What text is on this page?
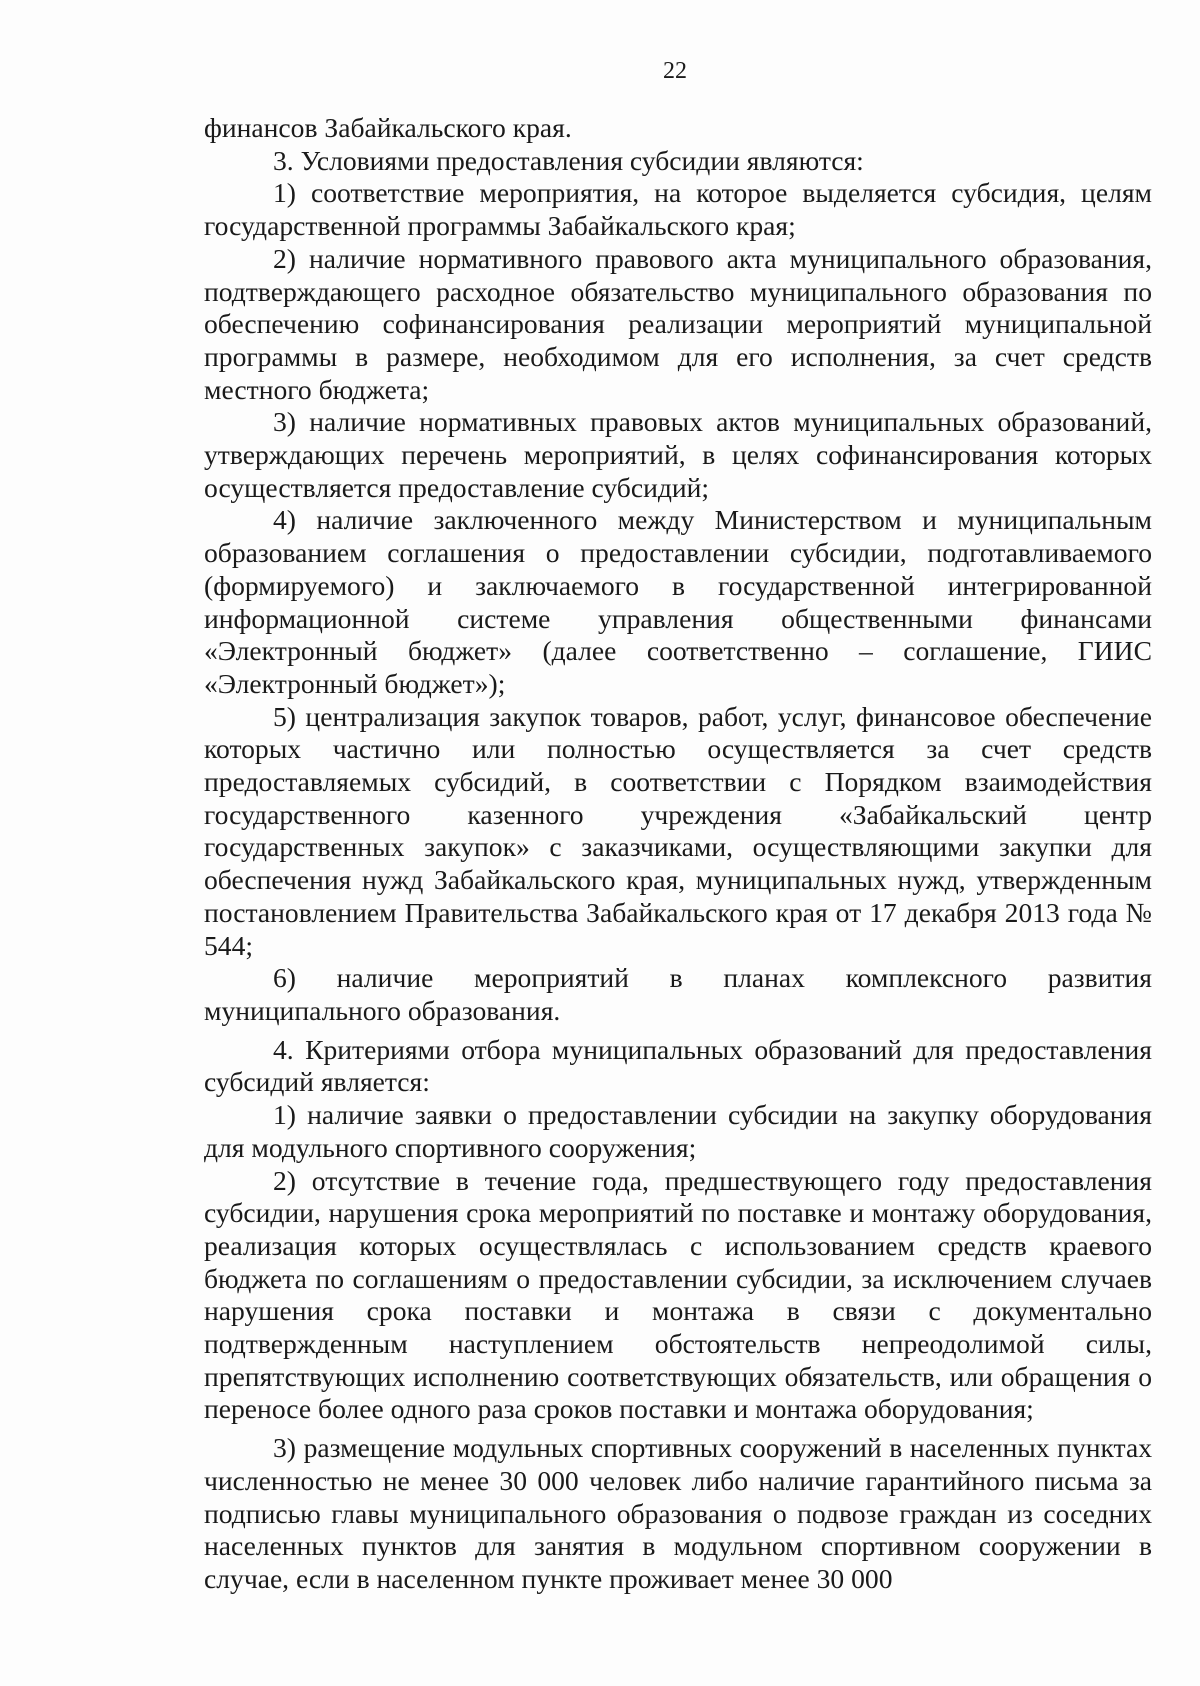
22

финансов Забайкальского края.

3. Условиями предоставления субсидии являются:

1) соответствие мероприятия, на которое выделяется субсидия, целям государственной программы Забайкальского края;

2) наличие нормативного правового акта муниципального образования, подтверждающего расходное обязательство муниципального образования по обеспечению софинансирования реализации мероприятий муниципальной программы в размере, необходимом для его исполнения, за счет средств местного бюджета;

3) наличие нормативных правовых актов муниципальных образований, утверждающих перечень мероприятий, в целях софинансирования которых осуществляется предоставление субсидий;

4) наличие заключенного между Министерством и муниципальным образованием соглашения о предоставлении субсидии, подготавливаемого (формируемого) и заключаемого в государственной интегрированной информационной системе управления общественными финансами «Электронный бюджет» (далее соответственно – соглашение, ГИИС «Электронный бюджет»);

5) централизация закупок товаров, работ, услуг, финансовое обеспечение которых частично или полностью осуществляется за счет средств предоставляемых субсидий, в соответствии с Порядком взаимодействия государственного казенного учреждения «Забайкальский центр государственных закупок» с заказчиками, осуществляющими закупки для обеспечения нужд Забайкальского края, муниципальных нужд, утвержденным постановлением Правительства Забайкальского края от 17 декабря 2013 года № 544;

6) наличие мероприятий в планах комплексного развития муниципального образования.

4. Критериями отбора муниципальных образований для предоставления субсидий является:

1) наличие заявки о предоставлении субсидии на закупку оборудования для модульного спортивного сооружения;

2) отсутствие в течение года, предшествующего году предоставления субсидии, нарушения срока мероприятий по поставке и монтажу оборудования, реализация которых осуществлялась с использованием средств краевого бюджета по соглашениям о предоставлении субсидии, за исключением случаев нарушения срока поставки и монтажа в связи с документально подтвержденным наступлением обстоятельств непреодолимой силы, препятствующих исполнению соответствующих обязательств, или обращения о переносе более одного раза сроков поставки и монтажа оборудования;

3) размещение модульных спортивных сооружений в населенных пунктах численностью не менее 30 000 человек либо наличие гарантийного письма за подписью главы муниципального образования о подвозе граждан из соседних населенных пунктов для занятия в модульном спортивном сооружении в случае, если в населенном пункте проживает менее 30 000
